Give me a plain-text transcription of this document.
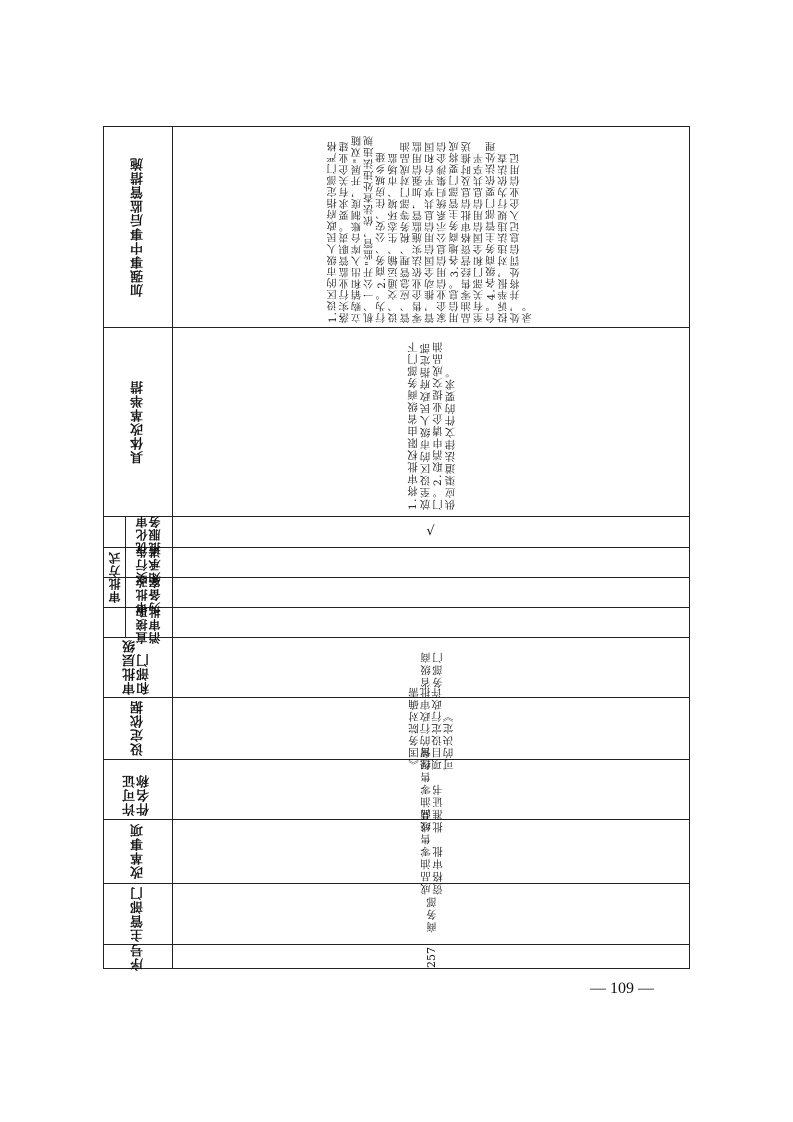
加强事中事后监管措施
具体改革举措
审批方式
优化审批服务
实行告知承诺
审批改为备案
直接取消审批
审批层级和部门
设定依据
许可证件名称
改革事项
主管部门
序号
1.设区的市级人民政府指定部门严格落实行业监管职责。要求有关企业建立购销和出入库台账制度，开展"双随机、一公开"监管，依法查处违法违规行为。2.商务、公安、住房城乡建设、交通运输、生态环境、市场监管、应急管理、税务等部门对成品油零售企业依法实施监管，加强信用监管，推动全国信用信息共享平台和国家企业信用信息公示系统归集涉企信用信息。3.各地商务主管部门要将成品油零售经营资格审批信息及时推送至有关部门和全国信用信息共享平台。4.各级商务主管部门要依法处理投诉举报，对违法违规行为依法查处，并将处罚信息记入企业信用记录。
1.将审批权限由省级商务部门下放至设区的市级人民政府指定部门。2.取消申请企业提交成品油供应渠道法律文件的要求。
√
省级商务部门
《国务院对确需
保留的行政审批
项目设定行政许
可的决定》
成品油零售经营
批准证书
成品油零售经营
资格审批
商务部
257
— 109 —
